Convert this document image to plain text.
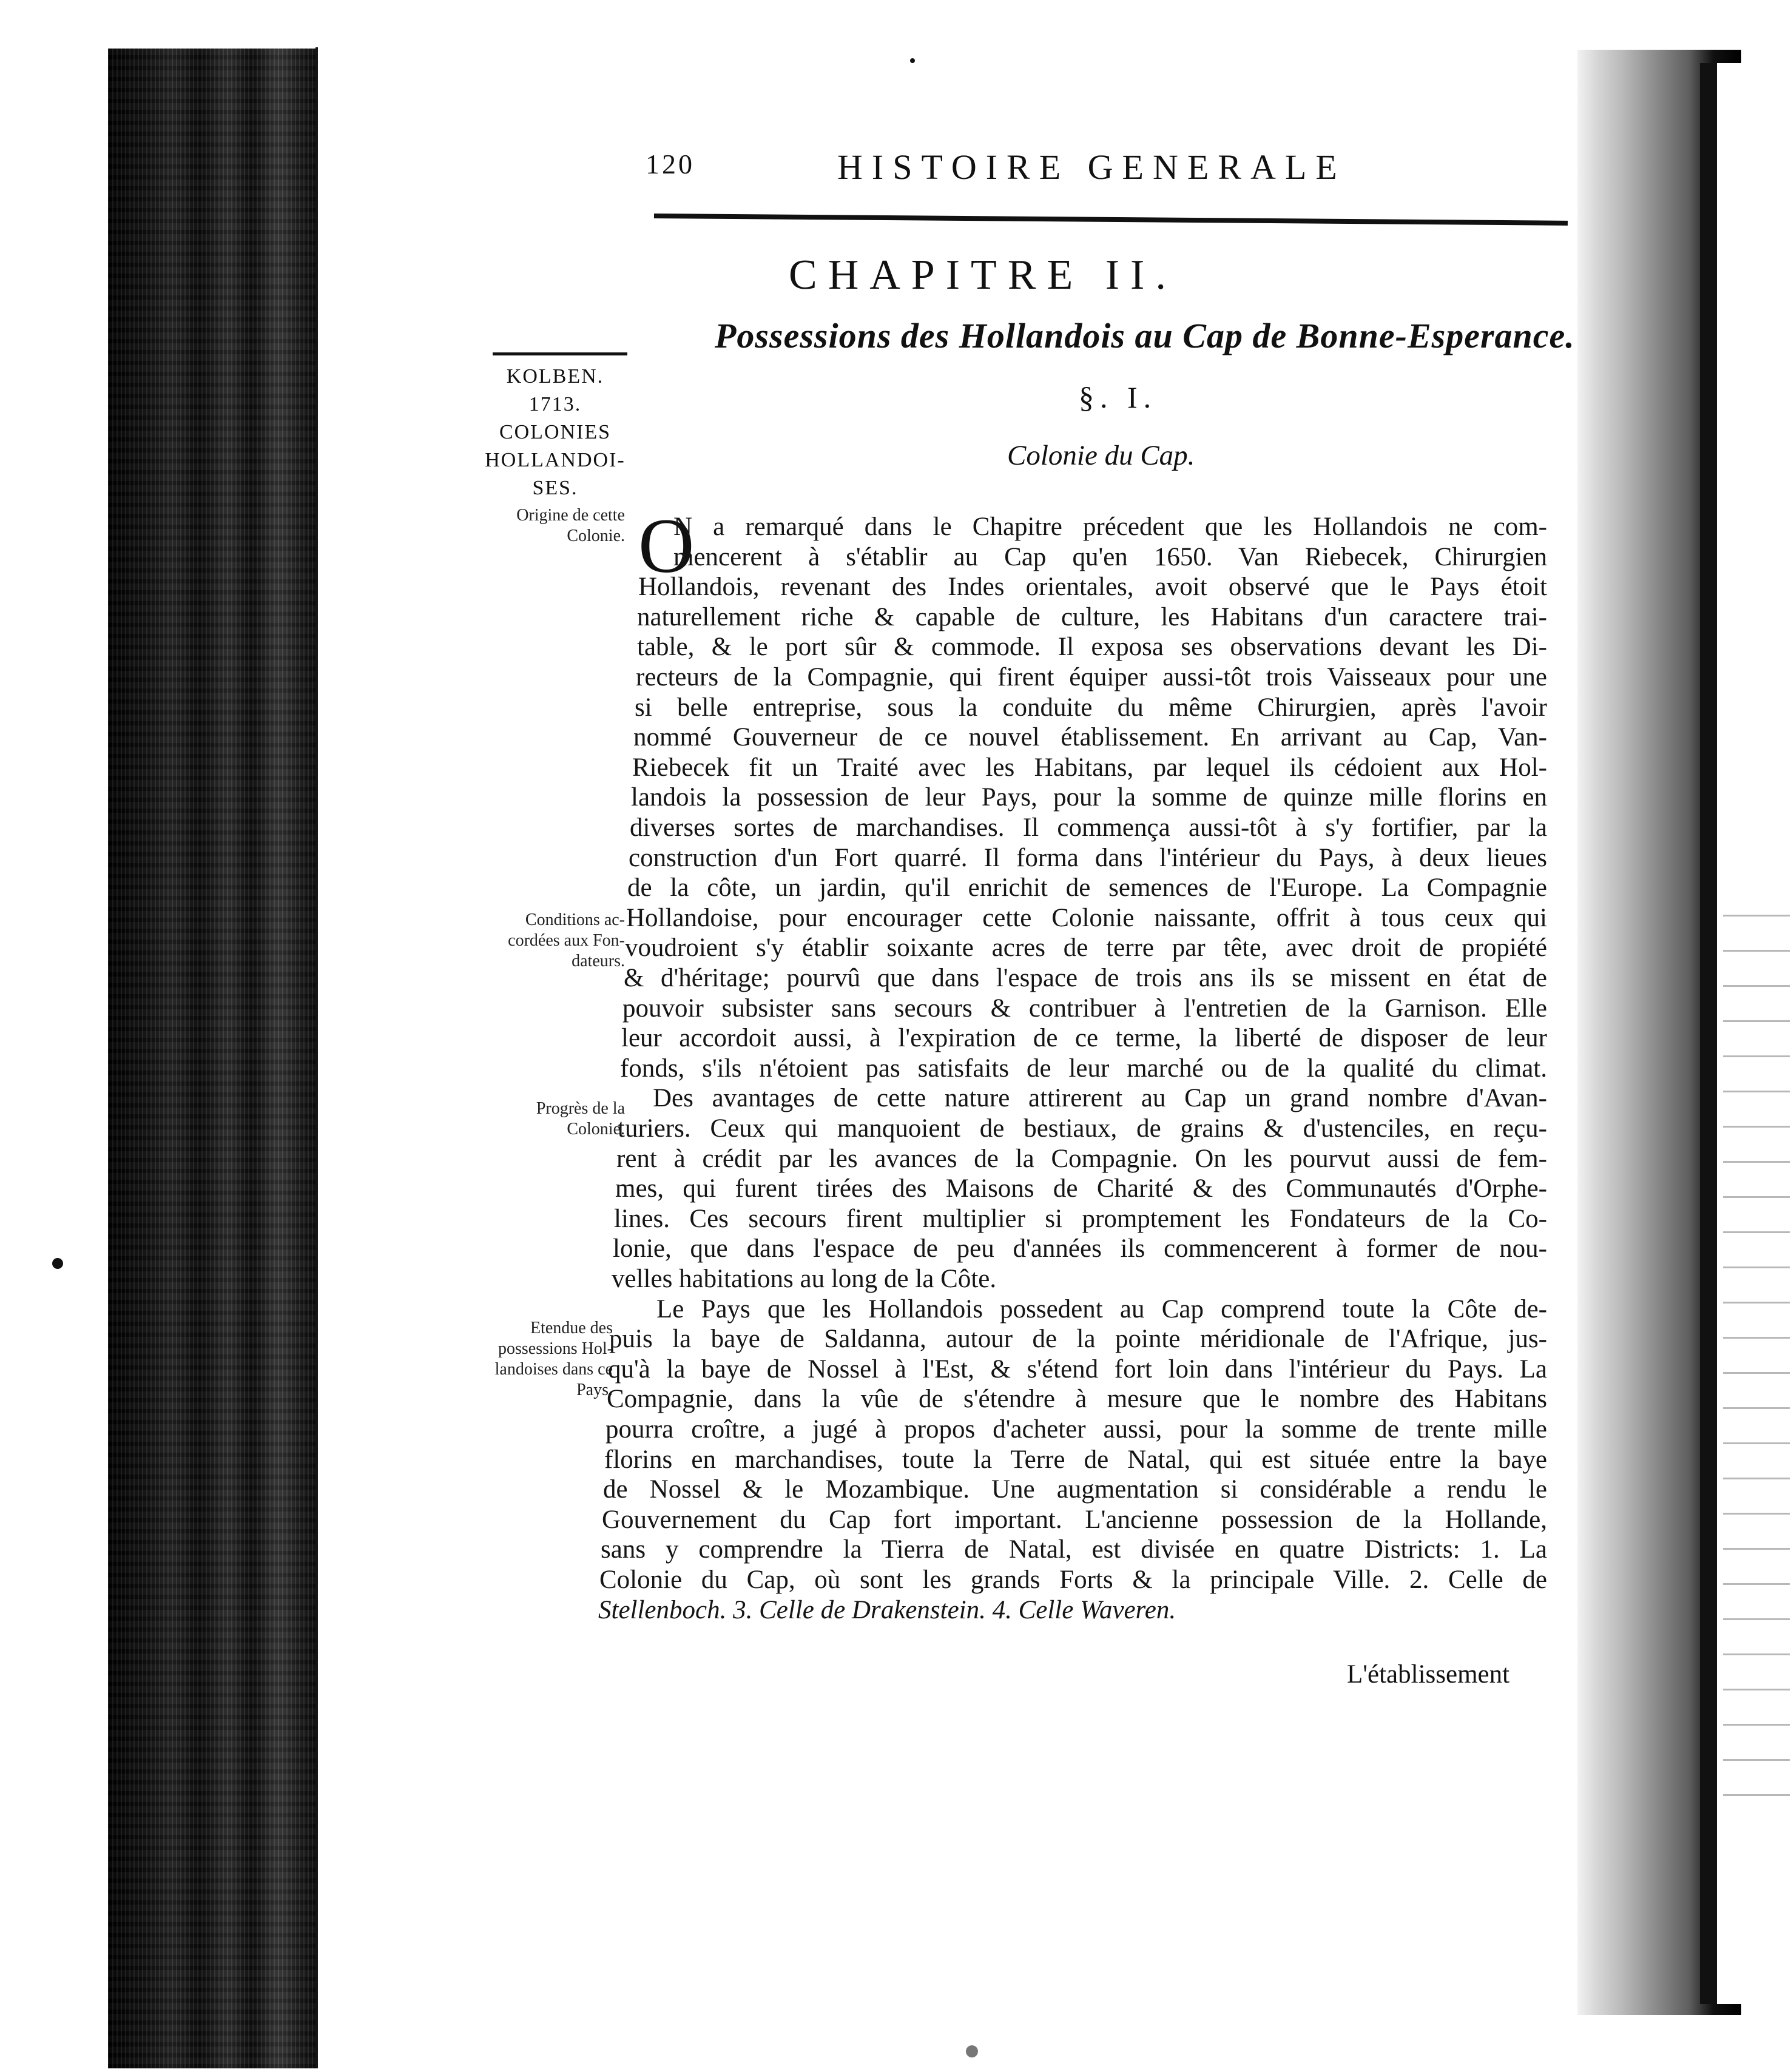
120	HISTOIRE GENERALE
CHAPITRE II.
Possessions des Hollandois au Cap de Bonne-Esperance.
§. I.
Colonie du Cap.
KOLBEN.
1713.
COLONIES
HOLLANDOI-
SES.
Origine de cette
Colonie.
Conditions ac-
cordées aux Fon-
dateurs.
Progrès de la
Colonie.
Etendue des
possessions Hol-
landoises dans ce
Pays.
O
N a remarqué dans le Chapitre précedent que les Hollandois ne com-
mencerent à s'établir au Cap qu'en 1650. Van Riebecek, Chirurgien
Hollandois, revenant des Indes orientales, avoit observé que le Pays étoit
naturellement riche & capable de culture, les Habitans d'un caractere trai-
table, & le port sûr & commode. Il exposa ses observations devant les Di-
recteurs de la Compagnie, qui firent équiper aussi-tôt trois Vaisseaux pour une
si belle entreprise, sous la conduite du même Chirurgien, après l'avoir
nommé Gouverneur de ce nouvel établissement. En arrivant au Cap, Van-
Riebecek fit un Traité avec les Habitans, par lequel ils cédoient aux Hol-
landois la possession de leur Pays, pour la somme de quinze mille florins en
diverses sortes de marchandises. Il commença aussi-tôt à s'y fortifier, par la
construction d'un Fort quarré. Il forma dans l'intérieur du Pays, à deux lieues
de la côte, un jardin, qu'il enrichit de semences de l'Europe. La Compagnie
Hollandoise, pour encourager cette Colonie naissante, offrit à tous ceux qui
voudroient s'y établir soixante acres de terre par tête, avec droit de propiété
& d'héritage; pourvû que dans l'espace de trois ans ils se missent en état de
pouvoir subsister sans secours & contribuer à l'entretien de la Garnison. Elle
leur accordoit aussi, à l'expiration de ce terme, la liberté de disposer de leur
fonds, s'ils n'étoient pas satisfaits de leur marché ou de la qualité du climat.
Des avantages de cette nature attirerent au Cap un grand nombre d'Avan-
turiers. Ceux qui manquoient de bestiaux, de grains & d'ustenciles, en reçu-
rent à crédit par les avances de la Compagnie. On les pourvut aussi de fem-
mes, qui furent tirées des Maisons de Charité & des Communautés d'Orphe-
lines. Ces secours firent multiplier si promptement les Fondateurs de la Co-
lonie, que dans l'espace de peu d'années ils commencerent à former de nou-
velles habitations au long de la Côte.
Le Pays que les Hollandois possedent au Cap comprend toute la Côte de-
puis la baye de Saldanna, autour de la pointe méridionale de l'Afrique, jus-
qu'à la baye de Nossel à l'Est, & s'étend fort loin dans l'intérieur du Pays. La
Compagnie, dans la vûe de s'étendre à mesure que le nombre des Habitans
pourra croître, a jugé à propos d'acheter aussi, pour la somme de trente mille
florins en marchandises, toute la Terre de Natal, qui est située entre la baye
de Nossel & le Mozambique. Une augmentation si considérable a rendu le
Gouvernement du Cap fort important. L'ancienne possession de la Hollande,
sans y comprendre la Tierra de Natal, est divisée en quatre Districts: 1. La
Colonie du Cap, où sont les grands Forts & la principale Ville. 2. Celle de
Stellenboch. 3. Celle de Drakenstein. 4. Celle Waveren.
L'établissement
